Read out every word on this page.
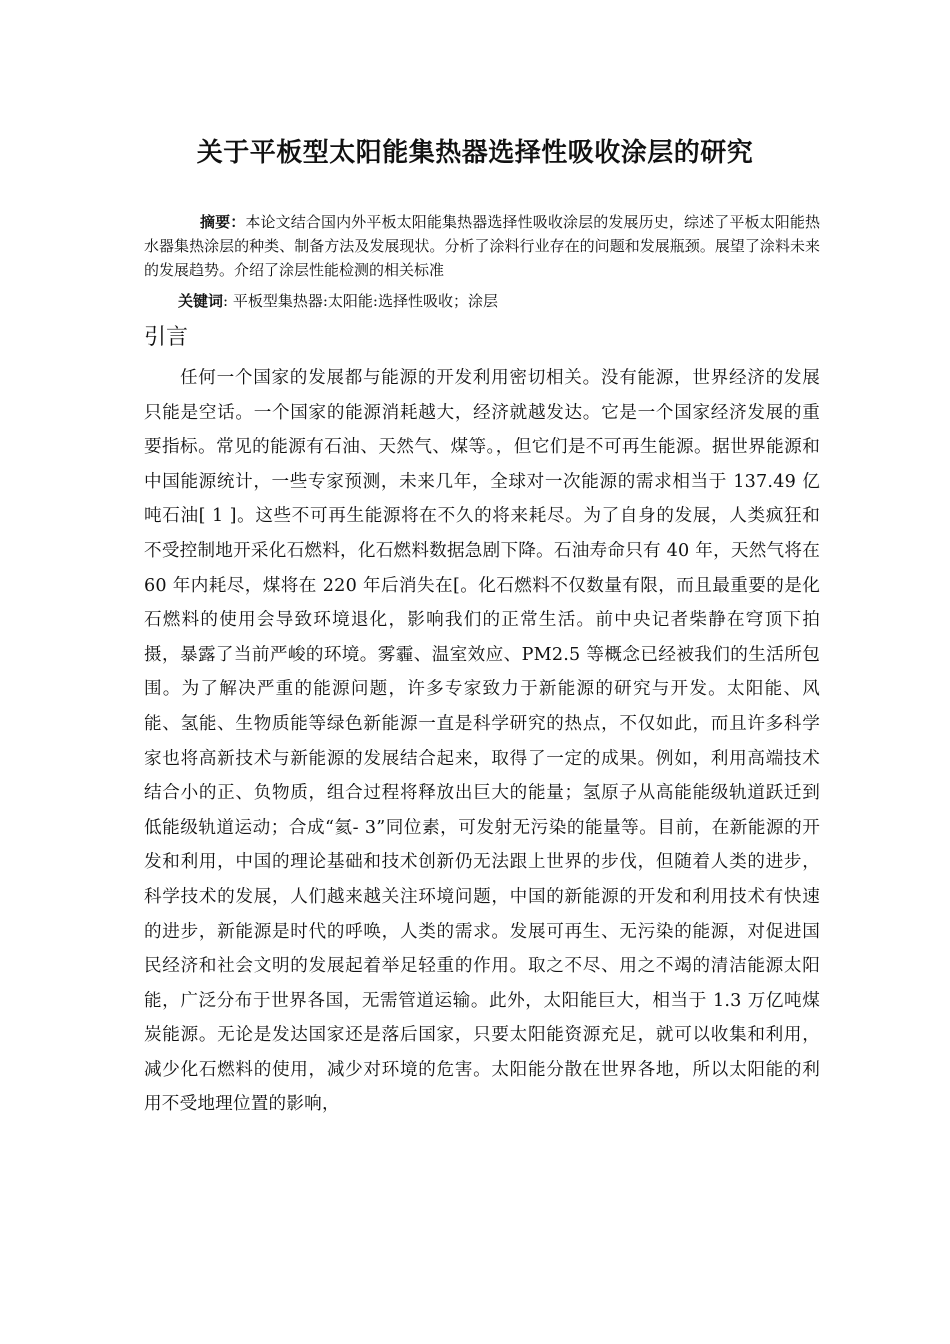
关于平板型太阳能集热器选择性吸收涂层的研究

摘要：本论文结合国内外平板太阳能集热器选择性吸收涂层的发展历史，综述了平板太阳能热水器集热涂层的种类、制备方法及发展现状。分析了涂料行业存在的问题和发展瓶颈。展望了涂料未来的发展趋势。介绍了涂层性能检测的相关标准

关键词: 平板型集热器:太阳能:选择性吸收；涂层

引言

任何一个国家的发展都与能源的开发利用密切相关。没有能源，世界经济的发展只能是空话。一个国家的能源消耗越大，经济就越发达。它是一个国家经济发展的重要指标。常见的能源有石油、天然气、煤等。，但它们是不可再生能源。据世界能源和中国能源统计，一些专家预测，未来几年，全球对一次能源的需求相当于 137.49 亿吨石油[ 1 ]。这些不可再生能源将在不久的将来耗尽。为了自身的发展，人类疯狂和不受控制地开采化石燃料，化石燃料数据急剧下降。石油寿命只有 40 年，天然气将在 60 年内耗尽，煤将在 220 年后消失在[。化石燃料不仅数量有限，而且最重要的是化石燃料的使用会导致环境退化，影响我们的正常生活。前中央记者柴静在穹顶下拍摄，暴露了当前严峻的环境。雾霾、温室效应、PM2.5 等概念已经被我们的生活所包围。为了解决严重的能源问题，许多专家致力于新能源的研究与开发。太阳能、风能、氢能、生物质能等绿色新能源一直是科学研究的热点，不仅如此，而且许多科学家也将高新技术与新能源的发展结合起来，取得了一定的成果。例如，利用高端技术结合小的正、负物质，组合过程将释放出巨大的能量；氢原子从高能能级轨道跃迁到低能级轨道运动；合成“氦- 3”同位素，可发射无污染的能量等。目前，在新能源的开发和利用，中国的理论基础和技术创新仍无法跟上世界的步伐，但随着人类的进步，科学技术的发展，人们越来越关注环境问题，中国的新能源的开发和利用技术有快速的进步，新能源是时代的呼唤，人类的需求。发展可再生、无污染的能源，对促进国民经济和社会文明的发展起着举足轻重的作用。取之不尽、用之不竭的清洁能源太阳能，广泛分布于世界各国，无需管道运输。此外，太阳能巨大，相当于 1.3 万亿吨煤炭能源。无论是发达国家还是落后国家，只要太阳能资源充足，就可以收集和利用，减少化石燃料的使用，减少对环境的危害。太阳能分散在世界各地，所以太阳能的利用不受地理位置的影响，
